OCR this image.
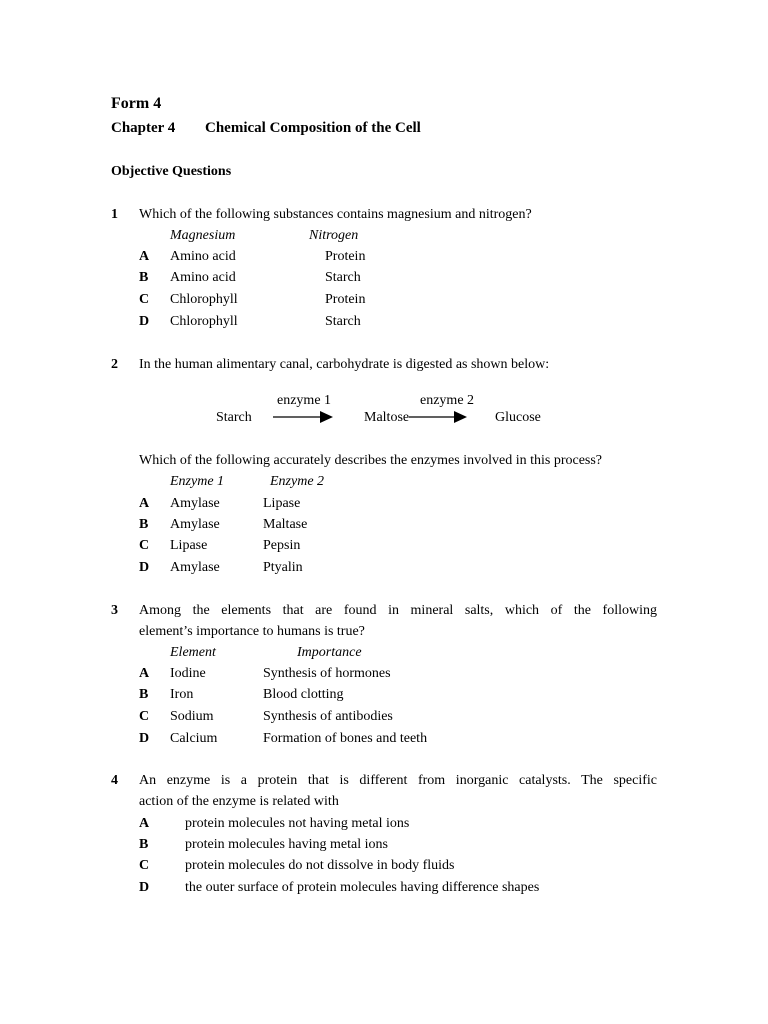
Form 4
Chapter 4 Chemical Composition of the Cell
Objective Questions
1 Which of the following substances contains magnesium and nitrogen?
Magnesium	Nitrogen
A Amino acid	Protein
B Amino acid	Starch
C Chlorophyll	Protein
D Chlorophyll	Starch
2 In the human alimentary canal, carbohydrate is digested as shown below:
enzyme 1	enzyme 2
Starch	Maltose	Glucose
Which of the following accurately describes the enzymes involved in this process?
Enzyme 1	Enzyme 2
A Amylase	Lipase
B Amylase	Maltase
C Lipase	Pepsin
D Amylase	Ptyalin
3 Among the elements that are found in mineral salts, which of the following
element’s importance to humans is true?
Element	Importance
A Iodine	Synthesis of hormones
B Iron	Blood clotting
C Sodium	Synthesis of antibodies
D Calcium	Formation of bones and teeth
4 An enzyme is a protein that is different from inorganic catalysts. The specific
action of the enzyme is related with
A	protein molecules not having metal ions
B	protein molecules having metal ions
C	protein molecules do not dissolve in body fluids
D	the outer surface of protein molecules having difference shapes
